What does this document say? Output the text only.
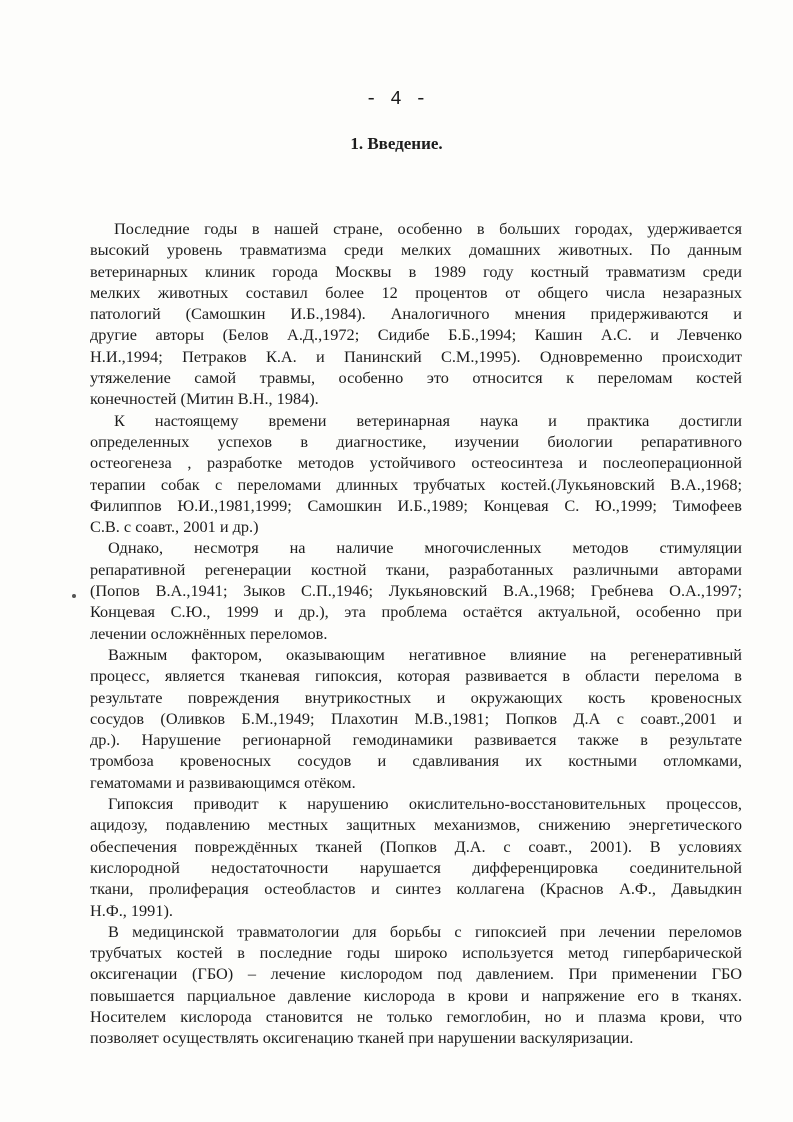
- 4 -
1. Введение.
Последние годы в нашей стране, особенно в больших городах, удерживается
высокий уровень травматизма среди мелких домашних животных. По данным
ветеринарных клиник города Москвы в 1989 году костный травматизм среди
мелких животных составил более 12 процентов от общего числа незаразных
патологий (Самошкин И.Б.,1984). Аналогичного мнения придерживаются и
другие авторы (Белов А.Д.,1972; Сидибе Б.Б.,1994; Кашин А.С. и Левченко
Н.И.,1994; Петраков К.А. и Панинский С.М.,1995). Одновременно происходит
утяжеление самой травмы, особенно это относится к переломам костей
конечностей (Митин В.Н., 1984).
К настоящему времени ветеринарная наука и практика достигли
определенных успехов в диагностике, изучении биологии репаративного
остеогенеза , разработке методов устойчивого остеосинтеза и послеоперационной
терапии собак с переломами длинных трубчатых костей.(Лукьяновский В.А.,1968;
Филиппов Ю.И.,1981,1999; Самошкин И.Б.,1989; Концевая С. Ю.,1999; Тимофеев
С.В. с соавт., 2001 и др.)
Однако, несмотря на наличие многочисленных методов стимуляции
репаративной регенерации костной ткани, разработанных различными авторами
(Попов В.А.,1941; Зыков С.П.,1946; Лукьяновский В.А.,1968; Гребнева О.А.,1997;
Концевая С.Ю., 1999 и др.), эта проблема остаётся актуальной, особенно при
лечении осложнённых переломов.
Важным фактором, оказывающим негативное влияние на регенеративный
процесс, является тканевая гипоксия, которая развивается в области перелома в
результате повреждения внутрикостных и окружающих кость кровеносных
сосудов (Оливков Б.М.,1949; Плахотин М.В.,1981; Попков Д.А с соавт.,2001 и
др.). Нарушение регионарной гемодинамики развивается также в результате
тромбоза кровеносных сосудов и сдавливания их костными отломками,
гематомами и развивающимся отёком.
Гипоксия приводит к нарушению окислительно-восстановительных процессов,
ацидозу, подавлению местных защитных механизмов, снижению энергетического
обеспечения повреждённых тканей (Попков Д.А. с соавт., 2001). В условиях
кислородной недостаточности нарушается дифференцировка соединительной
ткани, пролиферация остеобластов и синтез коллагена (Краснов А.Ф., Давыдкин
Н.Ф., 1991).
В медицинской травматологии для борьбы с гипоксией при лечении переломов
трубчатых костей в последние годы широко используется метод гипербарической
оксигенации (ГБО) – лечение кислородом под давлением. При применении ГБО
повышается парциальное давление кислорода в крови и напряжение его в тканях.
Носителем кислорода становится не только гемоглобин, но и плазма крови, что
позволяет осуществлять оксигенацию тканей при нарушении васкуляризации.
